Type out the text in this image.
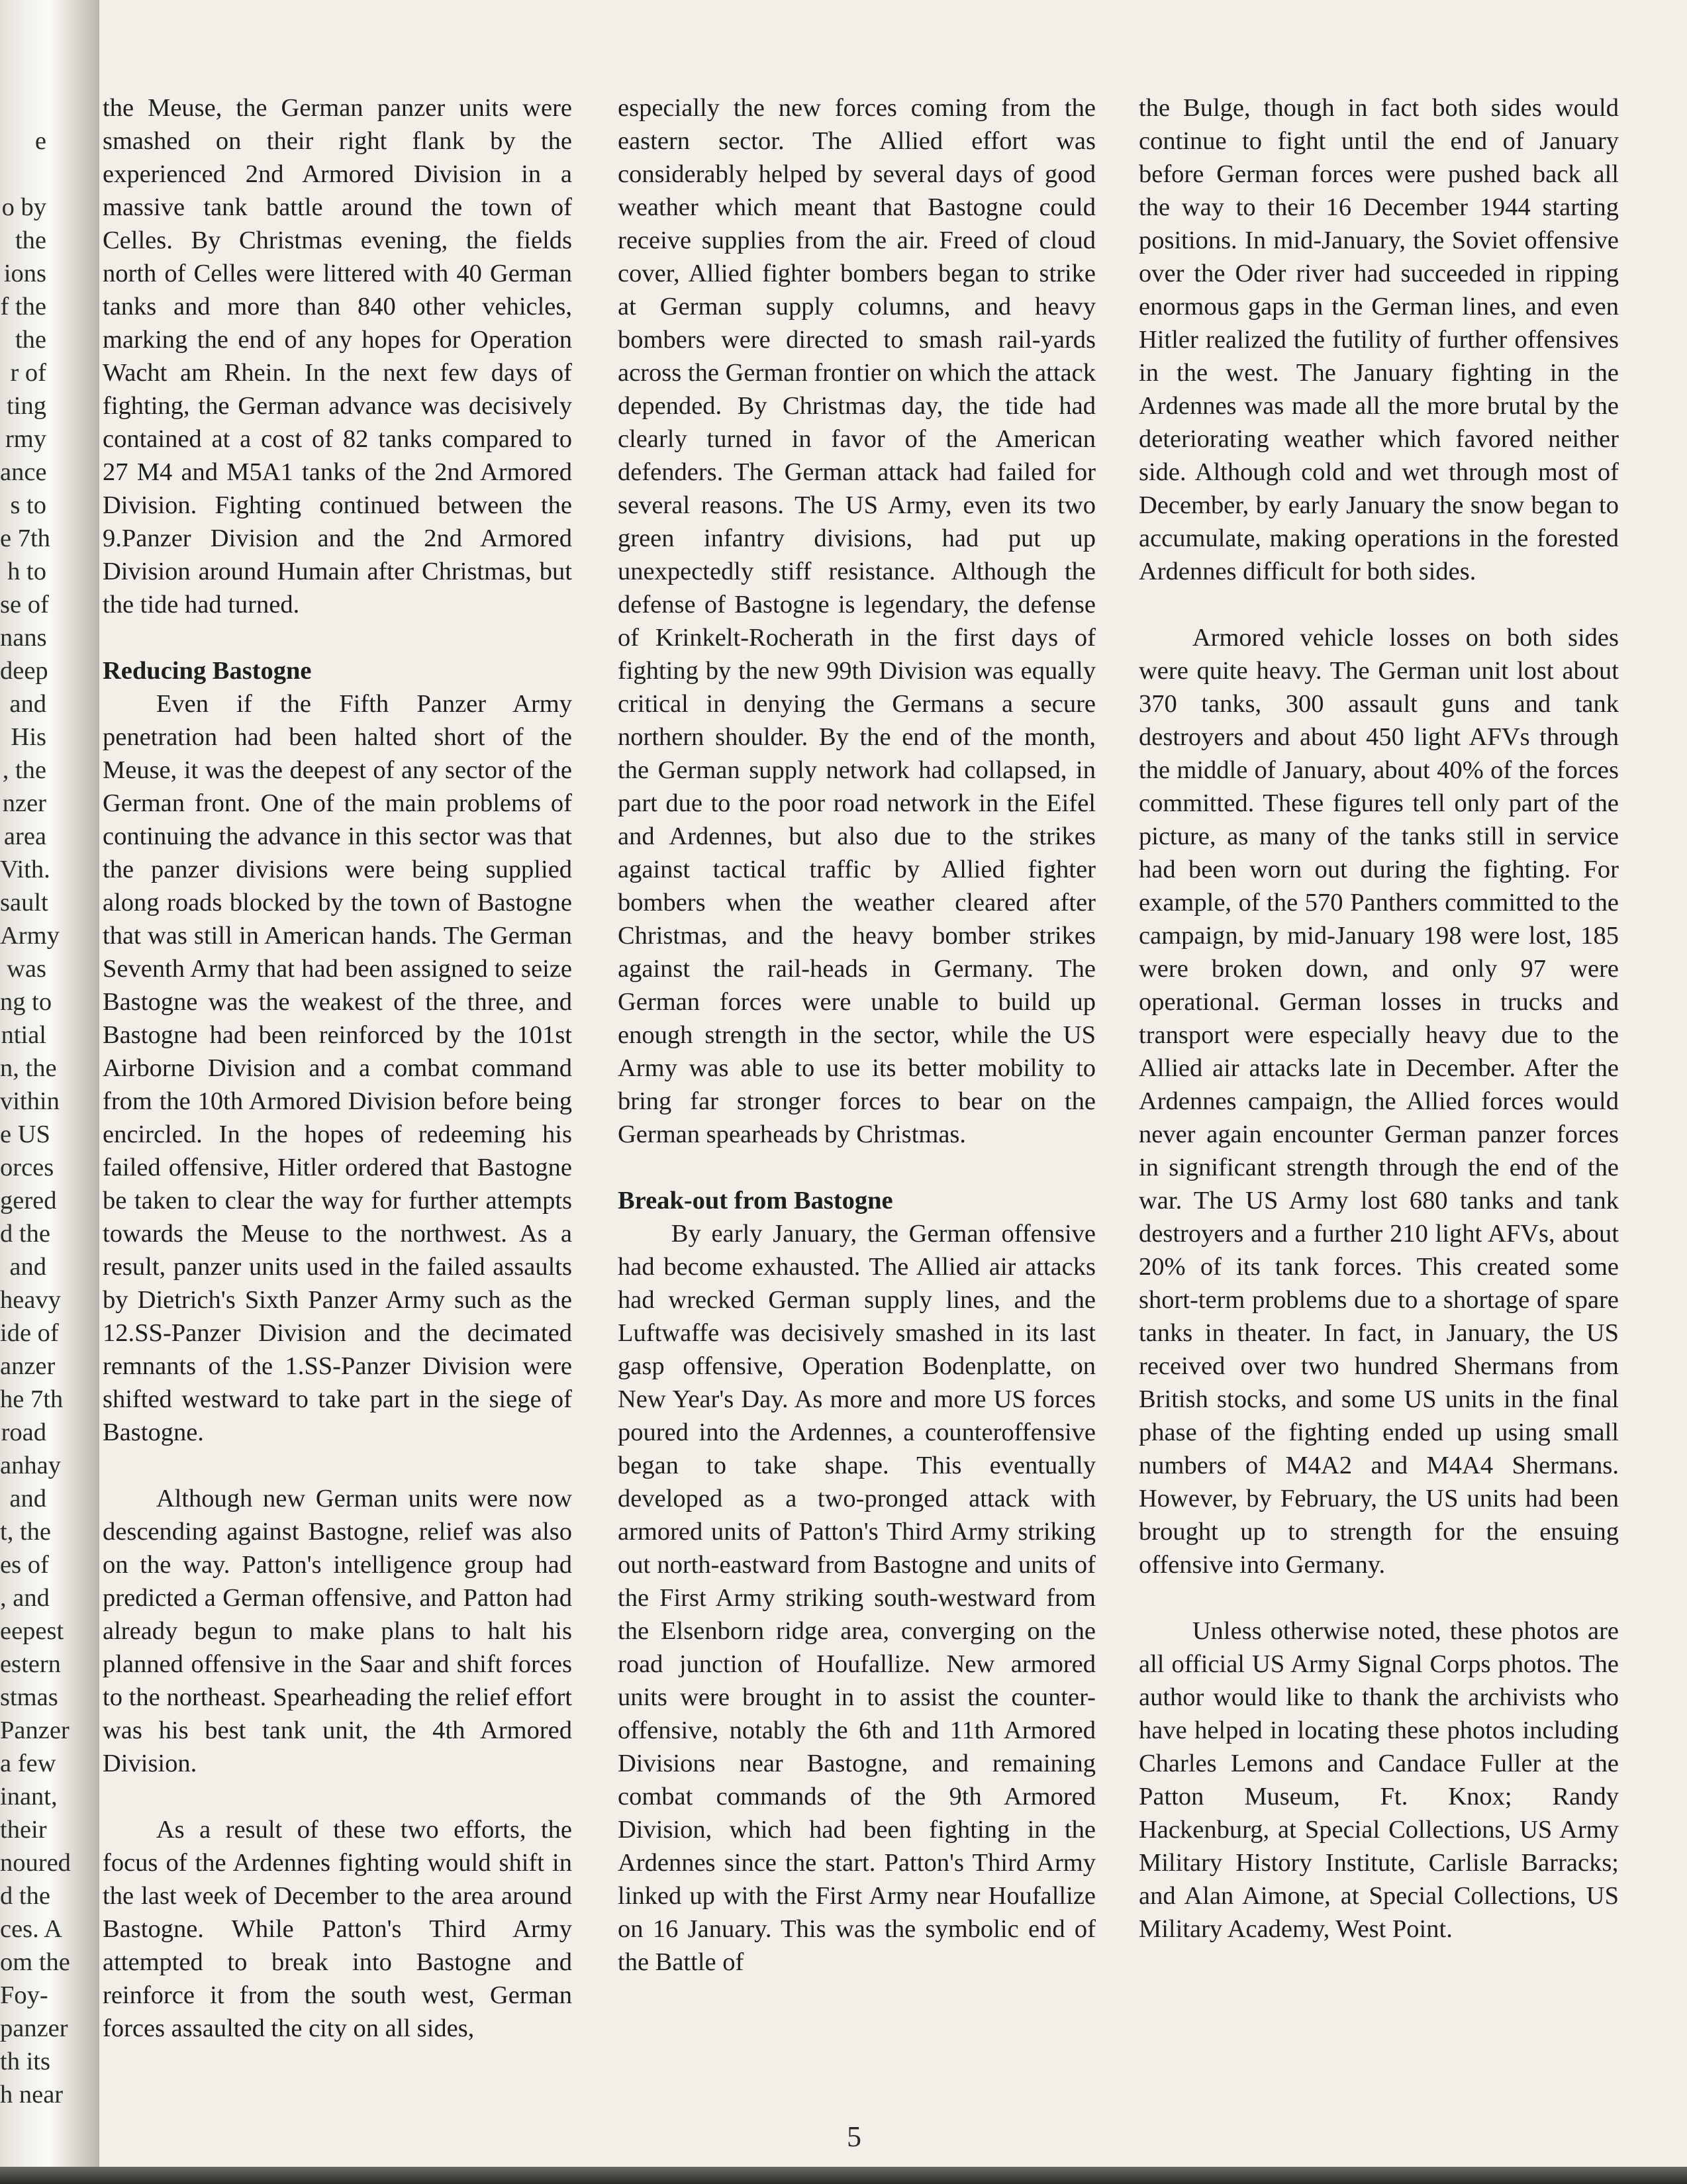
e
o by
the
ions
f the
the
r of
ting
rmy
ance
s to
e 7th
h to
se of
nans
deep
and
His
, the
nzer
area
Vith.
sault
Army
was
ng to
ntial
n, the
vithin
e US
orces
gered
d the
and
heavy
ide of
anzer
he 7th
road
anhay
and
t, the
es of
, and
eepest
estern
stmas
Panzer
a few
inant,
their
noured
d the
ces. A
om the
Foy-
panzer
th its
h near

the Meuse, the German panzer units were smashed on their right flank by the experienced 2nd Armored Division in a massive tank battle around the town of Celles. By Christmas evening, the fields north of Celles were littered with 40 German tanks and more than 840 other vehicles, marking the end of any hopes for Operation Wacht am Rhein. In the next few days of fighting, the German advance was decisively contained at a cost of 82 tanks compared to 27 M4 and M5A1 tanks of the 2nd Armored Division. Fighting continued between the 9.Panzer Division and the 2nd Armored Division around Humain after Christmas, but the tide had turned.

Reducing Bastogne

Even if the Fifth Panzer Army penetration had been halted short of the Meuse, it was the deepest of any sector of the German front. One of the main problems of continuing the advance in this sector was that the panzer divisions were being supplied along roads blocked by the town of Bastogne that was still in American hands. The German Seventh Army that had been assigned to seize Bastogne was the weakest of the three, and Bastogne had been reinforced by the 101st Airborne Division and a combat command from the 10th Armored Division before being encircled. In the hopes of redeeming his failed offensive, Hitler ordered that Bastogne be taken to clear the way for further attempts towards the Meuse to the northwest. As a result, panzer units used in the failed assaults by Dietrich's Sixth Panzer Army such as the 12.SS-Panzer Division and the decimated remnants of the 1.SS-Panzer Division were shifted westward to take part in the siege of Bastogne.

Although new German units were now descending against Bastogne, relief was also on the way. Patton's intelligence group had predicted a German offensive, and Patton had already begun to make plans to halt his planned offensive in the Saar and shift forces to the northeast. Spearheading the relief effort was his best tank unit, the 4th Armored Division.

As a result of these two efforts, the focus of the Ardennes fighting would shift in the last week of December to the area around Bastogne. While Patton's Third Army attempted to break into Bastogne and reinforce it from the south west, German forces assaulted the city on all sides,

especially the new forces coming from the eastern sector. The Allied effort was considerably helped by several days of good weather which meant that Bastogne could receive supplies from the air. Freed of cloud cover, Allied fighter bombers began to strike at German supply columns, and heavy bombers were directed to smash rail-yards across the German frontier on which the attack depended. By Christmas day, the tide had clearly turned in favor of the American defenders. The German attack had failed for several reasons. The US Army, even its two green infantry divisions, had put up unexpectedly stiff resistance. Although the defense of Bastogne is legendary, the defense of Krinkelt-Rocherath in the first days of fighting by the new 99th Division was equally critical in denying the Germans a secure northern shoulder. By the end of the month, the German supply network had collapsed, in part due to the poor road network in the Eifel and Ardennes, but also due to the strikes against tactical traffic by Allied fighter bombers when the weather cleared after Christmas, and the heavy bomber strikes against the rail-heads in Germany. The German forces were unable to build up enough strength in the sector, while the US Army was able to use its better mobility to bring far stronger forces to bear on the German spearheads by Christmas.

Break-out from Bastogne

By early January, the German offensive had become exhausted. The Allied air attacks had wrecked German supply lines, and the Luftwaffe was decisively smashed in its last gasp offensive, Operation Bodenplatte, on New Year's Day. As more and more US forces poured into the Ardennes, a counteroffensive began to take shape. This eventually developed as a two-pronged attack with armored units of Patton's Third Army striking out north-eastward from Bastogne and units of the First Army striking south-westward from the Elsenborn ridge area, converging on the road junction of Houfallize. New armored units were brought in to assist the counter-offensive, notably the 6th and 11th Armored Divisions near Bastogne, and remaining combat commands of the 9th Armored Division, which had been fighting in the Ardennes since the start. Patton's Third Army linked up with the First Army near Houfallize on 16 January. This was the symbolic end of the Battle of

the Bulge, though in fact both sides would continue to fight until the end of January before German forces were pushed back all the way to their 16 December 1944 starting positions. In mid-January, the Soviet offensive over the Oder river had succeeded in ripping enormous gaps in the German lines, and even Hitler realized the futility of further offensives in the west. The January fighting in the Ardennes was made all the more brutal by the deteriorating weather which favored neither side. Although cold and wet through most of December, by early January the snow began to accumulate, making operations in the forested Ardennes difficult for both sides.

Armored vehicle losses on both sides were quite heavy. The German unit lost about 370 tanks, 300 assault guns and tank destroyers and about 450 light AFVs through the middle of January, about 40% of the forces committed. These figures tell only part of the picture, as many of the tanks still in service had been worn out during the fighting. For example, of the 570 Panthers committed to the campaign, by mid-January 198 were lost, 185 were broken down, and only 97 were operational. German losses in trucks and transport were especially heavy due to the Allied air attacks late in December. After the Ardennes campaign, the Allied forces would never again encounter German panzer forces in significant strength through the end of the war. The US Army lost 680 tanks and tank destroyers and a further 210 light AFVs, about 20% of its tank forces. This created some short-term problems due to a shortage of spare tanks in theater. In fact, in January, the US received over two hundred Shermans from British stocks, and some US units in the final phase of the fighting ended up using small numbers of M4A2 and M4A4 Shermans. However, by February, the US units had been brought up to strength for the ensuing offensive into Germany.

Unless otherwise noted, these photos are all official US Army Signal Corps photos. The author would like to thank the archivists who have helped in locating these photos including Charles Lemons and Candace Fuller at the Patton Museum, Ft. Knox; Randy Hackenburg, at Special Collections, US Army Military History Institute, Carlisle Barracks; and Alan Aimone, at Special Collections, US Military Academy, West Point.

5
